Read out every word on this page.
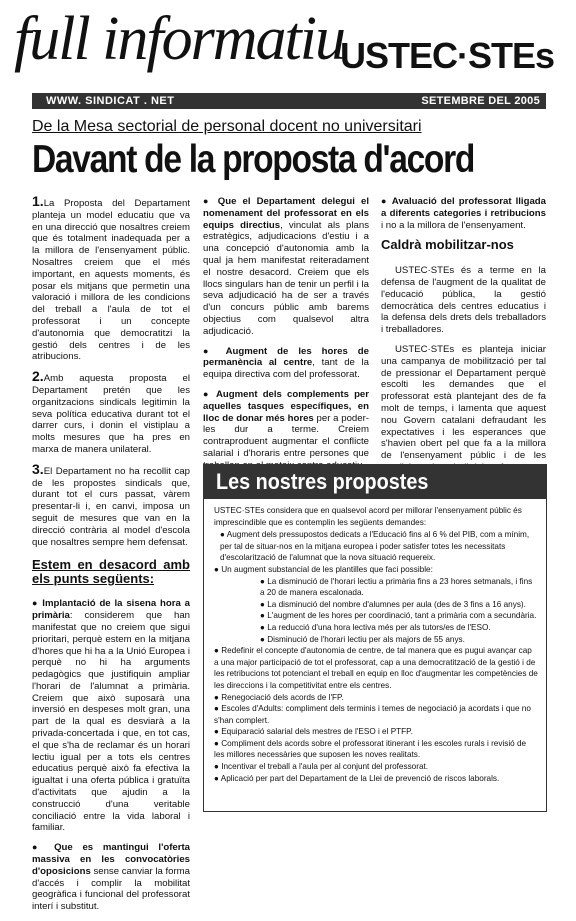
full informatiu
USTEC·STEs
WWW. SINDICAT . NET	SETEMBRE DEL 2005
De la Mesa sectorial de personal docent no universitari
Davant de la proposta d'acord

1.La Proposta del Departament planteja un model educatiu que va en una direcció que nosaltres creiem que és totalment inadequada per a la millora de l'ensenyament públic. Nosaltres creiem que el més important, en aquests moments, és posar els mitjans que permetin una valoració i millora de les condicions del treball a l'aula de tot el professorat i un concepte d'autonomia que democratitzi la gestió dels centres i de les atribucions.

2.Amb aquesta proposta el Departament pretén que les organitzacions sindicals legitimin la seva política educativa durant tot el darrer curs, i donin el vistiplau a molts mesures que ha pres en marxa de manera unilateral.

3.El Departament no ha recollit cap de les propostes sindicals que, durant tot el curs passat, vàrem presentar-li i, en canvi, imposa un seguit de mesures que van en la direcció contrària al model d'escola que nosaltres sempre hem defensat.

Estem en desacord amb els punts següents:

● Implantació de la sisena hora a primària: considerem que han manifestat que no creiem que sigui prioritari, perquè estem en la mitjana d'hores que hi ha a la Unió Europea i perquè no hi ha arguments pedagògics que justifiquin ampliar l'horari de l'alumnat a primària. Creiem que això suposarà una inversió en despeses molt gran, una part de la qual es desviarà a la privada-concertada i que, en tot cas, el que s'ha de reclamar és un horari lectiu igual per a tots els centres educatius perquè això fa efectiva la igualtat i una oferta pública i gratuïta d'activitats que ajudin a la construcció d'una veritable conciliació entre la vida laboral i familiar.

● Que es mantingui l'oferta massiva en les convocatòries d'oposicions sense canviar la forma d'accés i complir la mobilitat geogràfica i funcional del professorat interí i substitut.

● Que el Departament delegui el nomenament del professorat en els equips directius, vinculat als plans estratègics, adjudicacions d'estiu i a una concepció d'autonomia amb la qual ja hem manifestat reiteradament el nostre desacord. Creiem que els llocs singulars han de tenir un perfil i la seva adjudicació ha de ser a través d'un concurs públic amb barems objectius com qualsevol altra adjudicació.

● Augment de les hores de permanència al centre, tant de la equipa directiva com del professorat.

● Augment dels complements per aquelles tasques específiques, en lloc de donar més hores per a poder-les dur a terme. Creiem contraproduent augmentar el conflicte salarial i d'horaris entre persones que

● Avaluació del professorat lligada a diferents categories i retribucions i no a la millora de l'ensenyament.

Caldrà mobilitzar-nos

USTEC·STEs és a terme en la defensa de l'augment de la qualitat de l'educació pública, la gestió democràtica dels centres educatius i la defensa dels drets dels treballadors i treballadores.

USTEC·STEs es planteja iniciar una campanya de mobilització per tal de pressionar el Departament perquè escolti les demandes que el professorat està plantejant des de fa molt de temps, i lamenta que aquest nou Govern catalani defraudant les expectatives i les esperances que s'havien obert pel que fa a la millora de l'ensenyament públic i de les

Les nostres propostes

USTEC·STEs considera que en qualsevol acord per millorar l'ensenyament públic és imprescindible que es contemplin les següents demandes:

● Augment dels pressupostos dedicats a l'Educació fins al 6 % del PIB, com a mínim, per tal de situar-nos en la mitjana europea i poder satisfer totes les necessitats d'escolarització de l'alumnat que la nova situació requereix.

● Un augment substancial de les plantilles que faci possible:

● La disminució de l'horari lectiu a primària fins a 23 hores setmanals, i fins a 20 de manera escalonada.

● La disminució del nombre d'alumnes per aula (des de 3 fins a 16 anys).

● L'augment de les hores per coordinació, tant a primària com a secundària.

● La reducció d'una hora lectiva més per als tutors/es de l'ESO.

● Disminució de l'horari lectiu per als majors de 55 anys.

● Redefinir el concepte d'autonomia de centre, de tal manera que es pugui avançar cap a una major participació de tot el professorat, cap a una democratització de la gestió i de les retribucions tot potenciant el treball en equip en lloc d'augmentar les competències de les direccions i la competitivitat entre els centres.

● Renegociació dels acords de l'FP.

● Escoles d'Adults: compliment dels terminis i temes de negociació ja acordats i que no s'han complert.

● Equiparació salarial dels mestres de l'ESO i el PTFP.

● Compliment dels acords sobre el professorat itinerant i les escoles rurals i revisió de les millores necessàries que suposen les noves realitats.

● Incentivar el treball a l'aula per al conjunt del professorat.

● Aplicació per part del Departament de la Llei de prevenció de riscos laborals.
